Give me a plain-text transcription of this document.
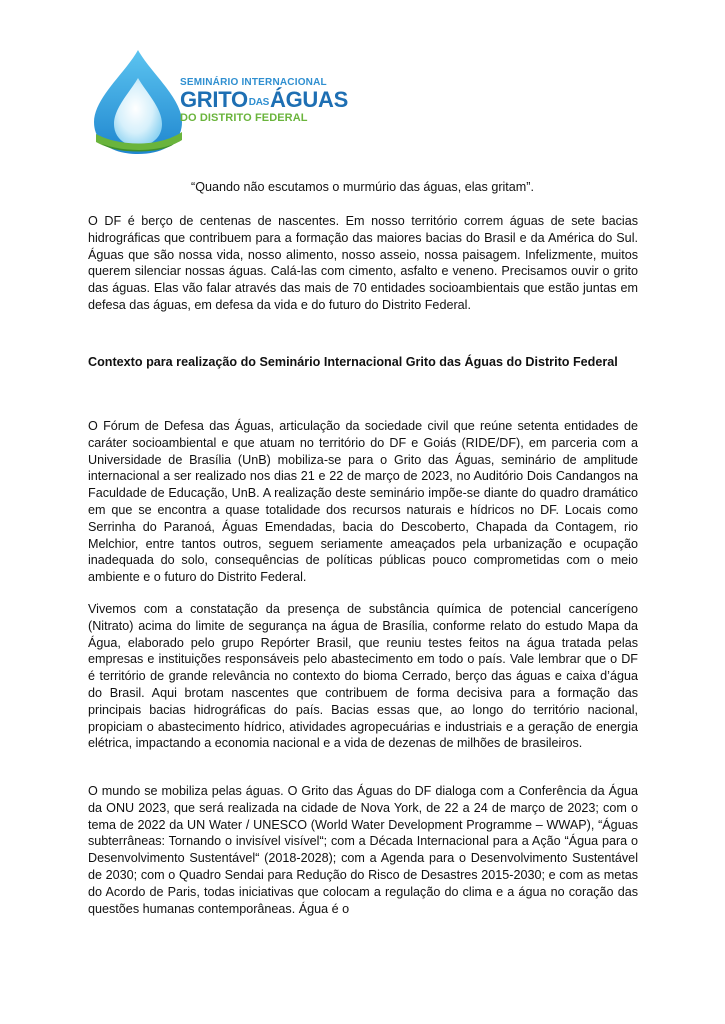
SEMINÁRIO INTERNACIONAL
GRITODASÁGUAS
DO DISTRITO FEDERAL
“Quando não escutamos o murmúrio das águas, elas gritam”.

O DF é berço de centenas de nascentes. Em nosso território correm águas de sete bacias hidrográficas que contribuem para a formação das maiores bacias do Brasil e da América do Sul. Águas que são nossa vida, nosso alimento, nosso asseio, nossa paisagem. Infelizmente, muitos querem silenciar nossas águas. Calá-las com cimento, asfalto e veneno. Precisamos ouvir o grito das águas. Elas vão falar através das mais de 70 entidades socioambientais que estão juntas em defesa das águas, em defesa da vida e do futuro do Distrito Federal.

Contexto para realização do Seminário Internacional Grito das Águas do Distrito Federal

O Fórum de Defesa das Águas, articulação da sociedade civil que reúne setenta entidades de caráter socioambiental e que atuam no território do DF e Goiás (RIDE/DF), em parceria com a Universidade de Brasília (UnB) mobiliza-se para o Grito das Águas, seminário de amplitude internacional a ser realizado nos dias 21 e 22 de março de 2023, no Auditório Dois Candangos na Faculdade de Educação, UnB. A realização deste seminário impõe-se diante do quadro dramático em que se encontra a quase totalidade dos recursos naturais e hídricos no DF. Locais como Serrinha do Paranoá, Águas Emendadas, bacia do Descoberto, Chapada da Contagem, rio Melchior, entre tantos outros, seguem seriamente ameaçados pela urbanização e ocupação inadequada do solo, consequências de políticas públicas pouco comprometidas com o meio ambiente e o futuro do Distrito Federal.

Vivemos com a constatação da presença de substância química de potencial cancerígeno (Nitrato) acima do limite de segurança na água de Brasília, conforme relato do estudo Mapa da Água, elaborado pelo grupo Repórter Brasil, que reuniu testes feitos na água tratada pelas empresas e instituições responsáveis pelo abastecimento em todo o país. Vale lembrar que o DF é território de grande relevância no contexto do bioma Cerrado, berço das águas e caixa d’água do Brasil. Aqui brotam nascentes que contribuem de forma decisiva para a formação das principais bacias hidrográficas do país. Bacias essas que, ao longo do território nacional, propiciam o abastecimento hídrico, atividades agropecuárias e industriais e a geração de energia elétrica, impactando a economia nacional e a vida de dezenas de milhões de brasileiros.

O mundo se mobiliza pelas águas. O Grito das Águas do DF dialoga com a Conferência da Água da ONU 2023, que será realizada na cidade de Nova York, de 22 a 24 de março de 2023; com o tema de 2022 da UN Water / UNESCO (World Water Development Programme – WWAP), “Águas subterrâneas: Tornando o invisível visível“; com a Década Internacional para a Ação “Água para o Desenvolvimento Sustentável“ (2018-2028); com a Agenda para o Desenvolvimento Sustentável de 2030; com o Quadro Sendai para Redução do Risco de Desastres 2015-2030; e com as metas do Acordo de Paris, todas iniciativas que colocam a regulação do clima e a água no coração das questões humanas contemporâneas. Água é o
